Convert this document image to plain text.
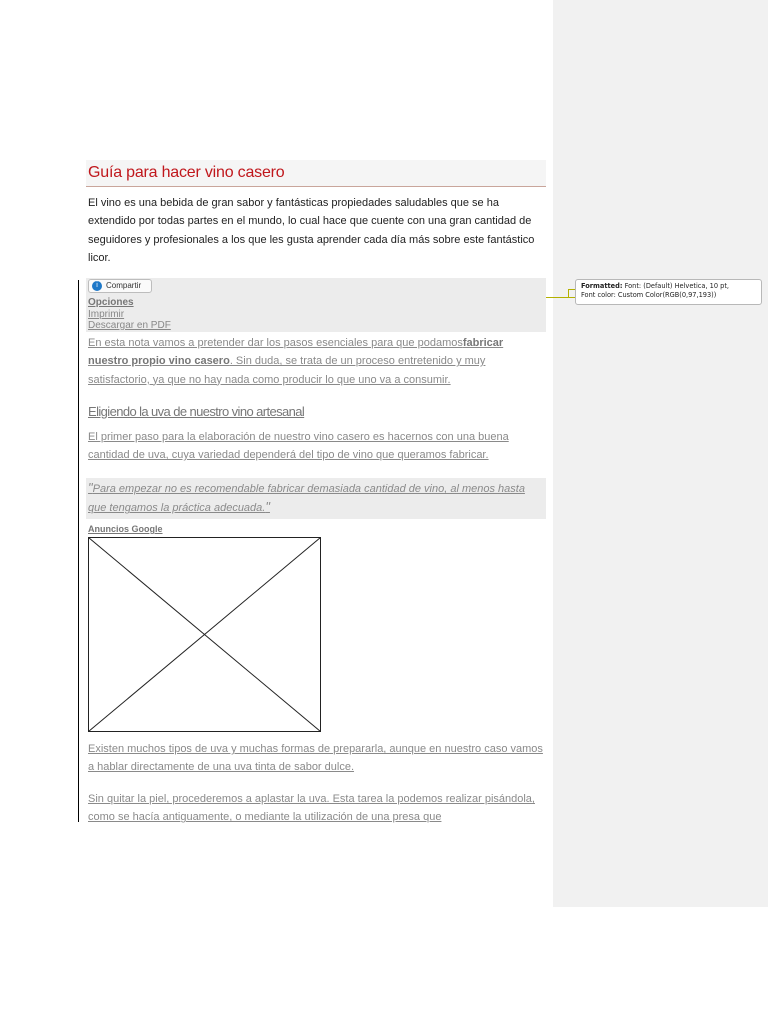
Formatted: Font: (Default) Helvetica, 10 pt,
Font color: Custom Color(RGB(0,97,193))
Guía para hacer vino casero
El vino es una bebida de gran sabor y fantásticas propiedades saludables que se ha extendido por todas partes en el mundo, lo cual hace que cuente con una gran cantidad de seguidores y profesionales a los que les gusta aprender cada día más sobre este fantástico licor.
i	Compartir
Opciones
Imprimir
Descargar en PDF
En esta nota vamos a pretender dar los pasos esenciales para que podamosfabricar nuestro propio vino casero. Sin duda, se trata de un proceso entretenido y muy satisfactorio, ya que no hay nada como producir lo que uno va a consumir.
Eligiendo la uva de nuestro vino artesanal
El primer paso para la elaboración de nuestro vino casero es hacernos con una buena cantidad de uva, cuya variedad dependerá del tipo de vino que queramos fabricar.
"Para empezar no es recomendable fabricar demasiada cantidad de vino, al menos hasta que tengamos la práctica adecuada."
Anuncios Google
Existen muchos tipos de uva y muchas formas de prepararla, aunque en nuestro caso vamos a hablar directamente de una uva tinta de sabor dulce.
Sin quitar la piel, procederemos a aplastar la uva. Esta tarea la podemos realizar pisándola, como se hacía antiguamente, o mediante la utilización de una presa que
